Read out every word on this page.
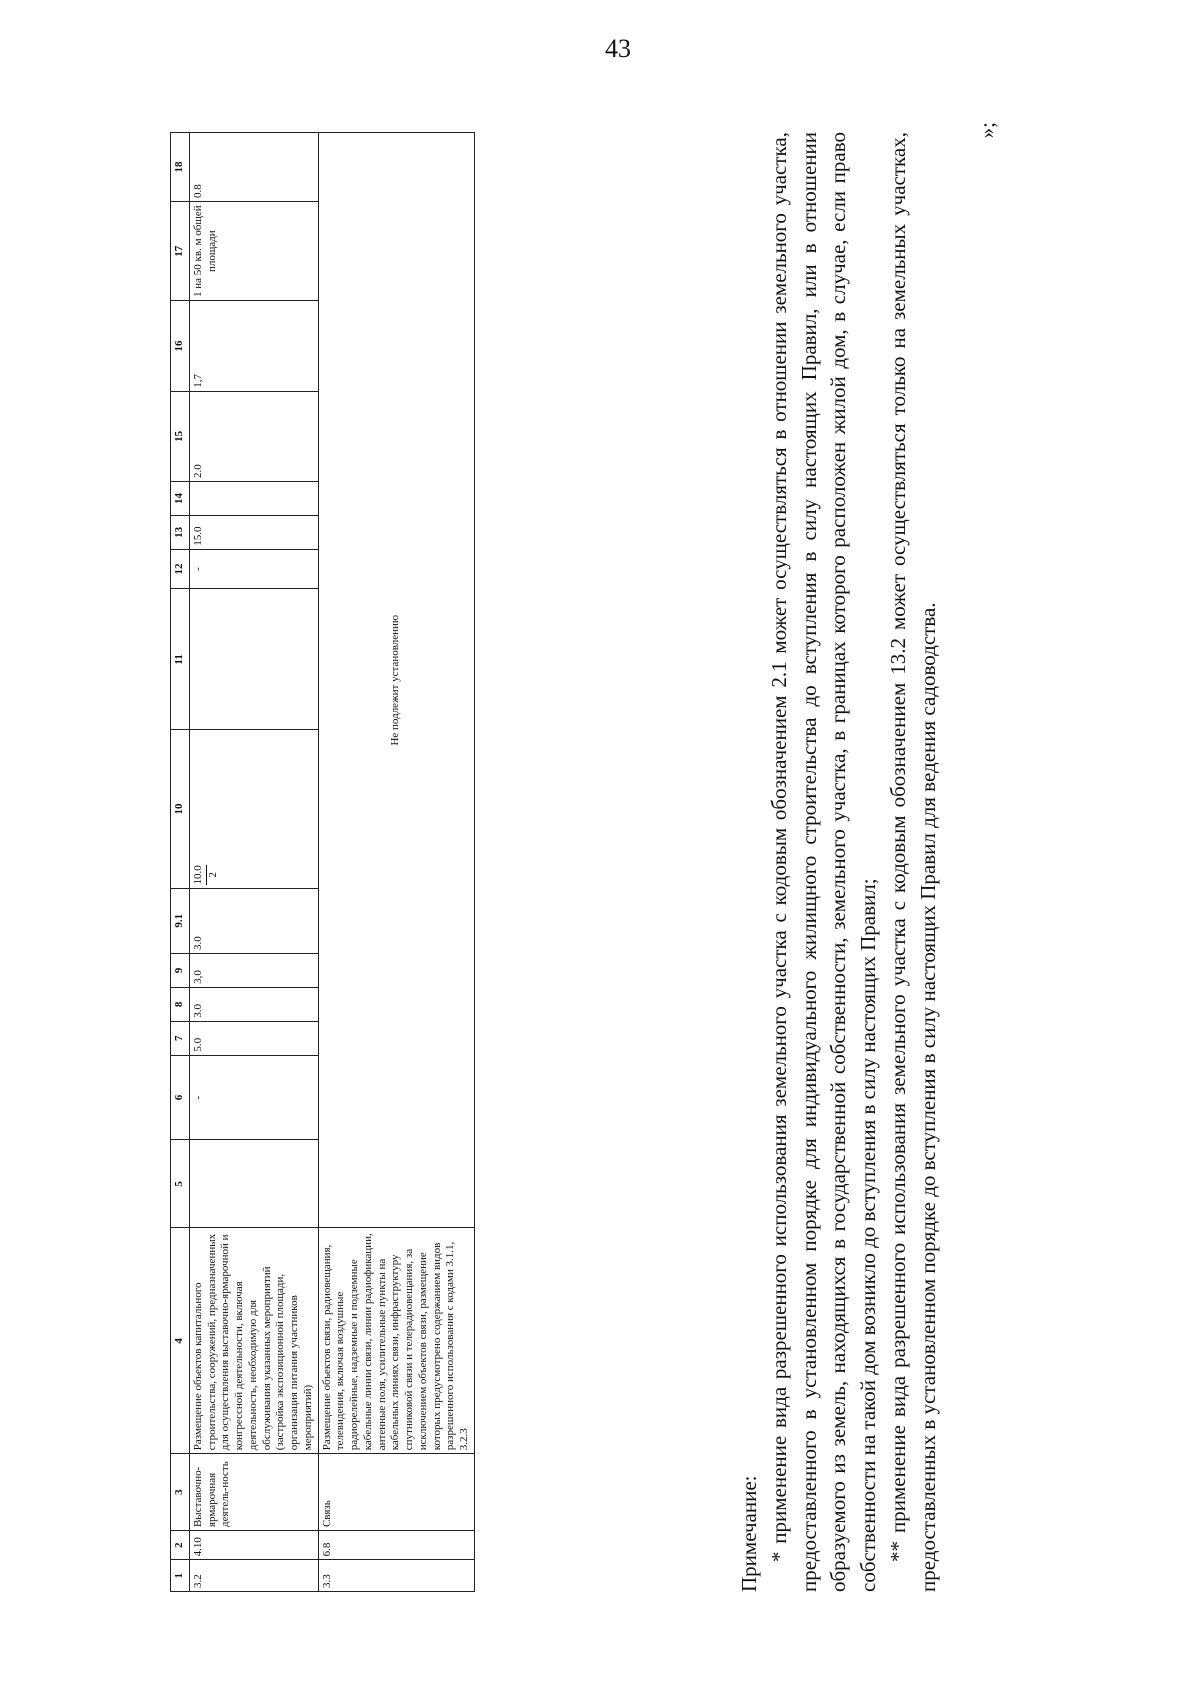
43
1	2	3	4	5	6	7	8	9	9.1	10	11	12	13	14	15	16	17	18
3.2	4.10	Выставочно-ярмарочная деятель-ность	Размещение объектов капитального строительства, сооружений, предназначенных для осуществления выставочно-ярмарочной и конгрессной деятельности, включая деятельность, необходимую для обслуживания указанных мероприятий (застройка экспозиционной площади, организация питания участников мероприятий)		-	5.0	3.0	3,0	3.0	10.0 2		-	15.0		2.0	1,7	1 на 50 кв. м общей площади	0.8
3.3	6.8	Связь	Размещение объектов связи, радиовещания, телевидения, включая воздушные радиорелейные, надземные и подземные кабельные линии связи, линии радиофикации, антенные поля, усилительные пункты на кабельных линиях связи, инфраструктуру спутниковой связи и телерадиовещания, за исключением объектов связи, размещение которых предусмотрено содержанием видов разрешенного использования с кодами 3.1.1, 3.2.3	Не подлежит установлению														

Примечание: * применение вида разрешенного использования земельного участка с кодовым обозначением 2.1 может осуществляться в отношении земельного участка, предоставленного в установленном порядке для индивидуального жилищного строительства до вступления в силу настоящих Правил, или в отношении образуемого из земель, находящихся в государственной собственности, земельного участка, в границах которого расположен жилой дом, в случае, если право собственности на такой дом возникло до вступления в силу настоящих Правил; ** применение вида разрешенного использования земельного участка с кодовым обозначением 13.2 может осуществляться только на земельных участках, предоставленных в установленном порядке до вступления в силу настоящих Правил для ведения садоводства.

»;
